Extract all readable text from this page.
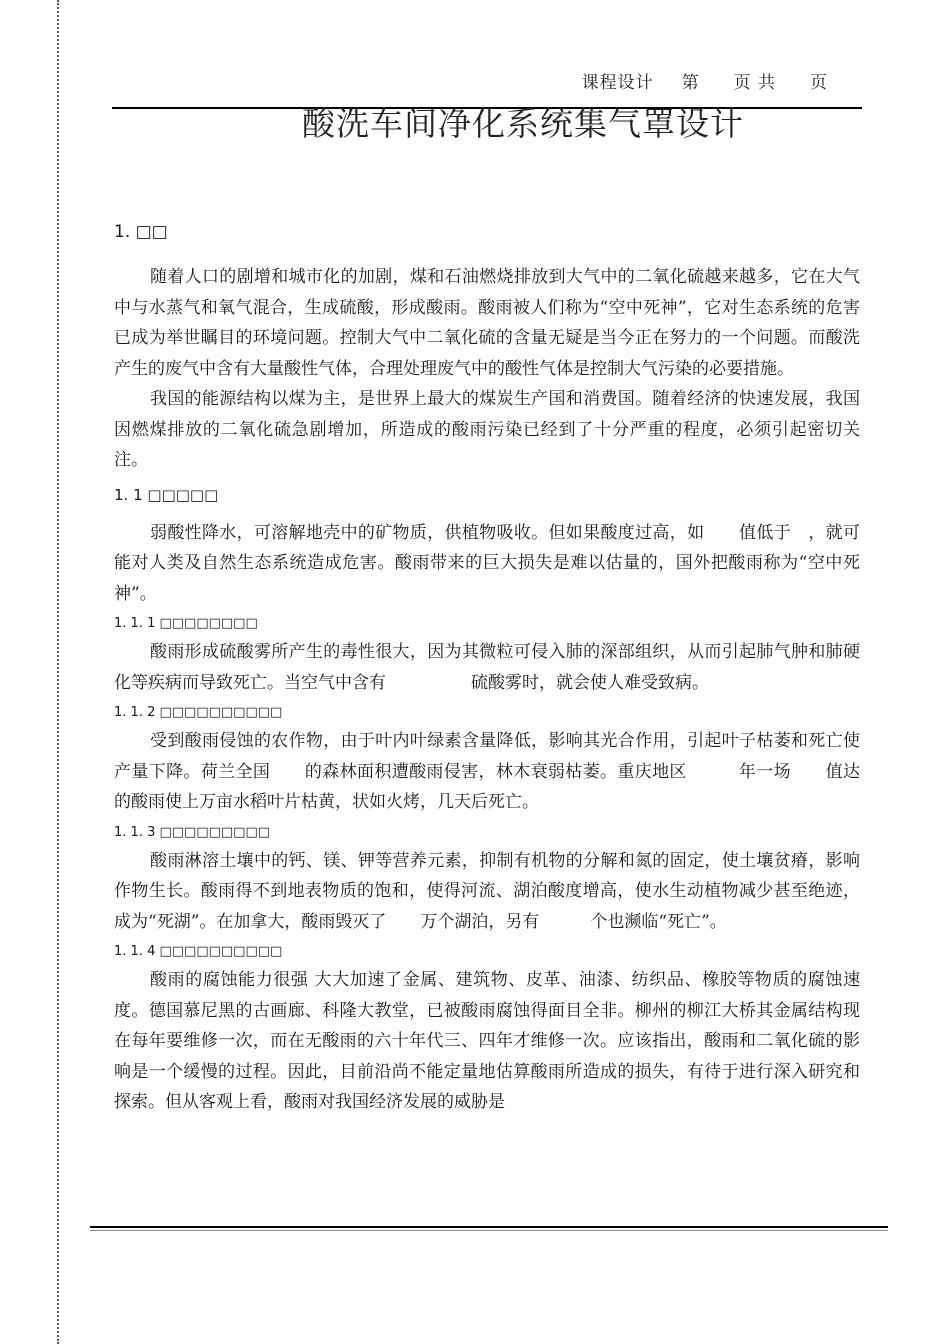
课程设计 第 页 共 页
酸洗车间净化系统集气罩设计
1. □□

随着人口的剧增和城市化的加剧，煤和石油燃烧排放到大气中的二氧化硫越来越多，它在大气中与水蒸气和氧气混合，生成硫酸，形成酸雨。酸雨被人们称为“空中死神”，它对生态系统的危害已成为举世瞩目的环境问题。控制大气中二氧化硫的含量无疑是当今正在努力的一个问题。而酸洗产生的废气中含有大量酸性气体，合理处理废气中的酸性气体是控制大气污染的必要措施。

我国的能源结构以煤为主，是世界上最大的煤炭生产国和消费国。随着经济的快速发展，我国因燃煤排放的二氧化硫急剧增加，所造成的酸雨污染已经到了十分严重的程度，必须引起密切关注。

1. 1 □□□□□

弱酸性降水，可溶解地壳中的矿物质，供植物吸收。但如果酸度过高，如　　值低于　，就可能对人类及自然生态系统造成危害。酸雨带来的巨大损失是难以估量的，国外把酸雨称为“空中死神”。

1. 1. 1 □□□□□□□□

酸雨形成硫酸雾所产生的毒性很大，因为其微粒可侵入肺的深部组织，从而引起肺气肿和肺硬化等疾病而导致死亡。当空气中含有　　　　　硫酸雾时，就会使人难受致病。

1. 1. 2 □□□□□□□□□□

受到酸雨侵蚀的农作物，由于叶内叶绿素含量降低，影响其光合作用，引起叶子枯萎和死亡使产量下降。荷兰全国　　的森林面积遭酸雨侵害，林木衰弱枯萎。重庆地区　　　年一场　　值达　　的酸雨使上万亩水稻叶片枯黄，状如火烤，几天后死亡。

1. 1. 3 □□□□□□□□□

酸雨淋溶土壤中的钙、镁、钾等营养元素，抑制有机物的分解和氮的固定，使土壤贫瘠，影响作物生长。酸雨得不到地表物质的饱和，使得河流、湖泊酸度增高，使水生动植物减少甚至绝迹，成为“死湖”。在加拿大，酸雨毁灭了　　万个湖泊，另有　　　个也濒临“死亡”。

1. 1. 4 □□□□□□□□□□

酸雨的腐蚀能力很强 大大加速了金属、建筑物、皮革、油漆、纺织品、橡胶等物质的腐蚀速度。德国慕尼黑的古画廊、科隆大教堂，已被酸雨腐蚀得面目全非。柳州的柳江大桥其金属结构现在每年要维修一次，而在无酸雨的六十年代三、四年才维修一次。应该指出，酸雨和二氧化硫的影响是一个缓慢的过程。因此，目前沿尚不能定量地估算酸雨所造成的损失，有待于进行深入研究和探索。但从客观上看，酸雨对我国经济发展的威胁是
